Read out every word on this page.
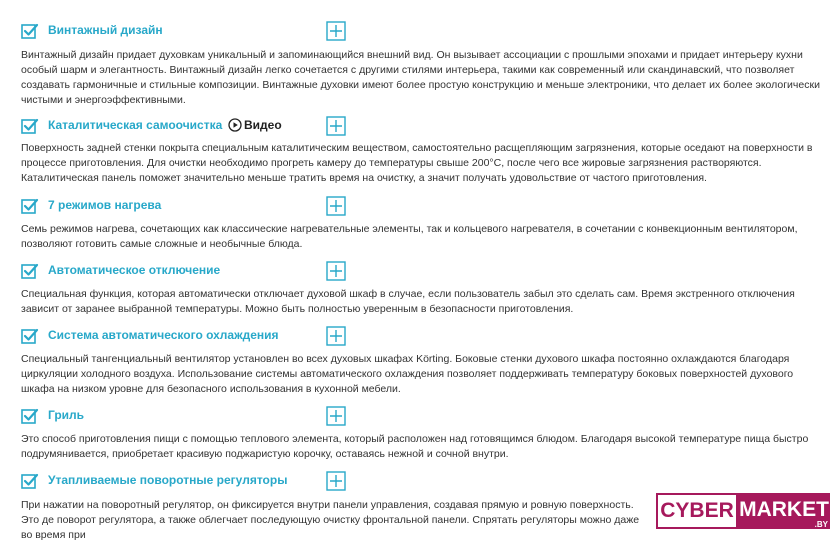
Винтажный дизайн

Винтажный дизайн придает духовкам уникальный и запоминающийся внешний вид. Он вызывает ассоциации с прошлыми эпохами и придает интерьеру кухни особый шарм и элегантность. Винтажный дизайн легко сочетается с другими стилями интерьера, такими как современный или скандинавский, что позволяет создавать гармоничные и стильные композиции. Винтажные духовки имеют более простую конструкцию и меньше электроники, что делает их более экологически чистыми и энергоэффективными.

Каталитическая самоочистка	Видео

Поверхность задней стенки покрыта специальным каталитическим веществом, самостоятельно расщепляющим загрязнения, которые оседают на поверхности в процессе приготовления. Для очистки необходимо прогреть камеру до температуры свыше 200°С, после чего все жировые загрязнения растворяются. Каталитическая панель поможет значительно меньше тратить время на очистку, а значит получать удовольствие от частого приготовления.

7 режимов нагрева

Семь режимов нагрева, сочетающих как классические нагревательные элементы, так и кольцевого нагревателя, в сочетании с конвекционным вентилятором, позволяют готовить самые сложные и необычные блюда.

Автоматическое отключение

Специальная функция, которая автоматически отключает духовой шкаф в случае, если пользователь забыл это сделать сам. Время экстренного отключения зависит от заранее выбранной температуры. Можно быть полностью уверенным в безопасности приготовления.

Система автоматического охлаждения

Специальный тангенциальный вентилятор установлен во всех духовых шкафах Körting. Боковые стенки духового шкафа постоянно охлаждаются благодаря циркуляции холодного воздуха. Использование системы автоматического охлаждения позволяет поддерживать температуру боковых поверхностей духового шкафа на низком уровне для безопасного использования в кухонной мебели.

Гриль

Это способ приготовления пищи с помощью теплового элемента, который расположен над готовящимся блюдом. Благодаря высокой температуре пища быстро подрумянивается, приобретает красивую поджаристую корочку, оставаясь нежной и сочной внутри.

Утапливаемые поворотные регуляторы

При нажатии на поворотный регулятор, он фиксируется внутри панели управления, создавая прямую и ровную поверхность. Это де поворот регулятора, а также облегчает последующую очистку фронтальной панели. Спрятать регуляторы можно даже во время при

CYBER MARKET
.BY
